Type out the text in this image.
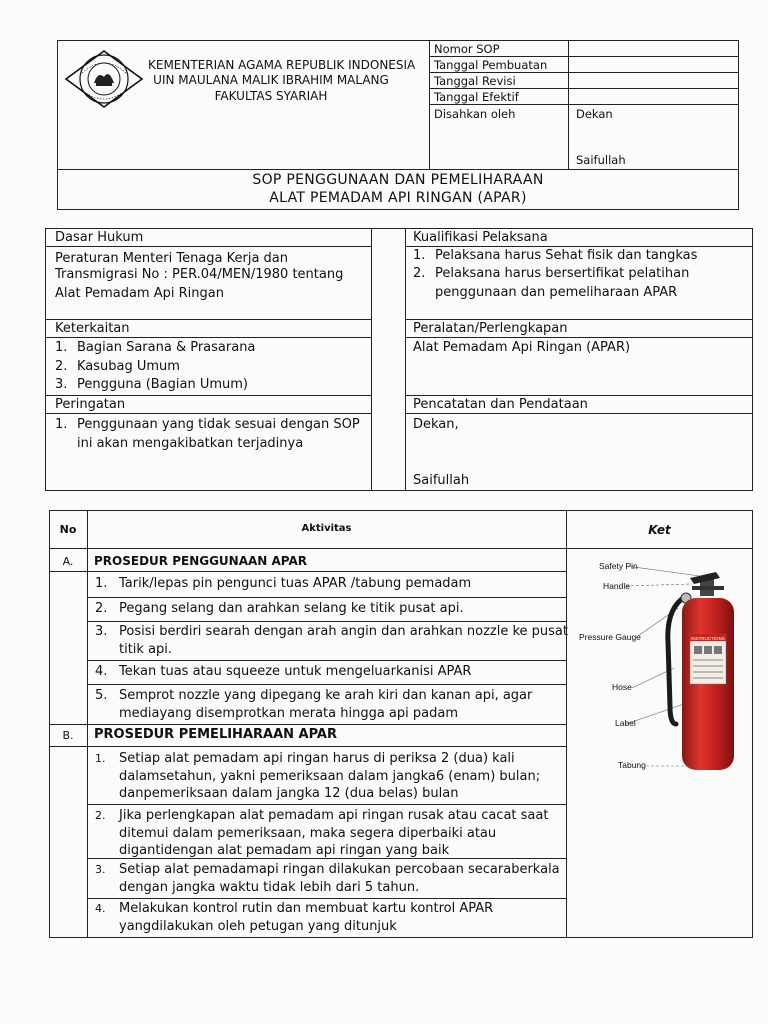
KEMENTERIAN AGAMA REPUBLIK INDONESIA
UIN MAULANA MALIK IBRAHIM MALANG
FAKULTAS SYARIAH
Nomor SOP
Tanggal Pembuatan
Tanggal Revisi
Tanggal Efektif
Disahkan oleh	Dekan
Saifullah
SOP PENGGUNAAN DAN PEMELIHARAAN
ALAT PEMADAM API RINGAN (APAR)
Dasar Hukum
Peraturan Menteri Tenaga Kerja dan
Transmigrasi No : PER.04/MEN/1980 tentang
Alat Pemadam Api Ringan
Kualifikasi Pelaksana
1. Pelaksana harus Sehat fisik dan tangkas
2. Pelaksana harus bersertifikat pelatihan
penggunaan dan pemeliharaan APAR
Keterkaitan
1. Bagian Sarana & Prasarana
2. Kasubag Umum
3. Pengguna (Bagian Umum)
Peralatan/Perlengkapan
Alat Pemadam Api Ringan (APAR)
Peringatan
1. Penggunaan yang tidak sesuai dengan SOP
ini akan mengakibatkan terjadinya
Pencatatan dan Pendataan
Dekan,
Saifullah
No	Aktivitas	Ket
A.	PROSEDUR PENGGUNAAN APAR
1. Tarik/lepas pin pengunci tuas APAR /tabung pemadam
2. Pegang selang dan arahkan selang ke titik pusat api.
3. Posisi berdiri searah dengan arah angin dan arahkan nozzle ke pusat titik api.
4. Tekan tuas atau squeeze untuk mengeluarkanisi APAR
5. Semprot nozzle yang dipegang ke arah kiri dan kanan api, agar mediayang disemprotkan merata hingga api padam
B.	PROSEDUR PEMELIHARAAN APAR
1. Setiap alat pemadam api ringan harus di periksa 2 (dua) kali dalamsetahun, yakni pemeriksaan dalam jangka6 (enam) bulan; danpemeriksaan dalam jangka 12 (dua belas) bulan
2. Jika perlengkapan alat pemadam api ringan rusak atau cacat saat ditemui dalam pemeriksaan, maka segera diperbaiki atau digantidengan alat pemadam api ringan yang baik
3. Setiap alat pemadamapi ringan dilakukan percobaan secaraberkala dengan jangka waktu tidak lebih dari 5 tahun.
4. Melakukan kontrol rutin dan membuat kartu kontrol APAR yangdilakukan oleh petugan yang ditunjuk
INSTRUCTIONS
Safety Pin
Handle
Pressure Gauge
Hose
Label
Tabung
